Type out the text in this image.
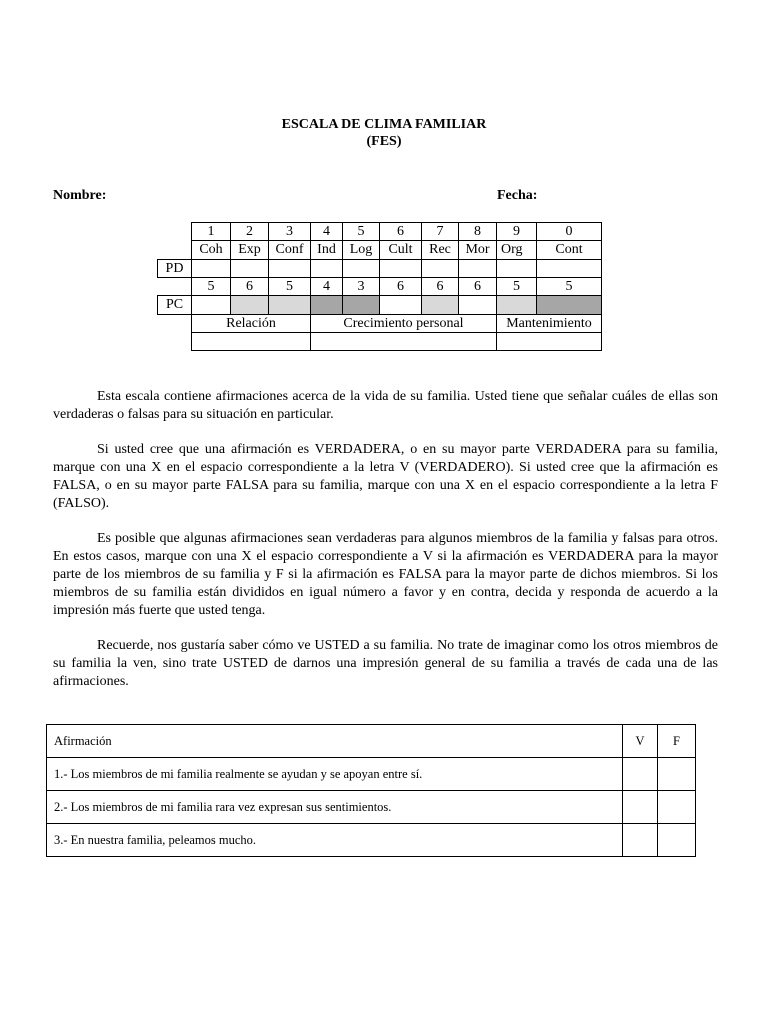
ESCALA DE CLIMA FAMILIAR
(FES)
Nombre:	Fecha:
	1	2	3	4	5	6	7	8	9	0
	Coh	Exp	Conf	Ind	Log	Cult	Rec	Mor	Org	Cont
PD										
	5	6	5	4	3	6	6	6	5	5
PC										
	Relación			Crecimiento personal					Mantenimiento	

Esta escala contiene afirmaciones acerca de la vida de su familia. Usted tiene que señalar cuáles de ellas son verdaderas o falsas para su situación en particular.

Si usted cree que una afirmación es VERDADERA, o en su mayor parte VERDADERA para su familia, marque con una X en el espacio correspondiente a la letra V (VERDADERO). Si usted cree que la afirmación es FALSA, o en su mayor parte FALSA para su familia, marque con una X en el espacio correspondiente a la letra F (FALSO).

Es posible que algunas afirmaciones sean verdaderas para algunos miembros de la familia y falsas para otros. En estos casos, marque con una X el espacio correspondiente a V si la afirmación es VERDADERA para la mayor parte de los miembros de su familia y F si la afirmación es FALSA para la mayor parte de dichos miembros. Si los miembros de su familia están divididos en igual número a favor y en contra, decida y responda de acuerdo a la impresión más fuerte que usted tenga.

Recuerde, nos gustaría saber cómo ve USTED a su familia. No trate de imaginar como los otros miembros de su familia la ven, sino trate USTED de darnos una impresión general de su familia a través de cada una de las afirmaciones.

Afirmación	V	F
1.- Los miembros de mi familia realmente se ayudan y se apoyan entre sí.		
2.- Los miembros de mi familia rara vez expresan sus sentimientos.		
3.- En nuestra familia, peleamos mucho.		
